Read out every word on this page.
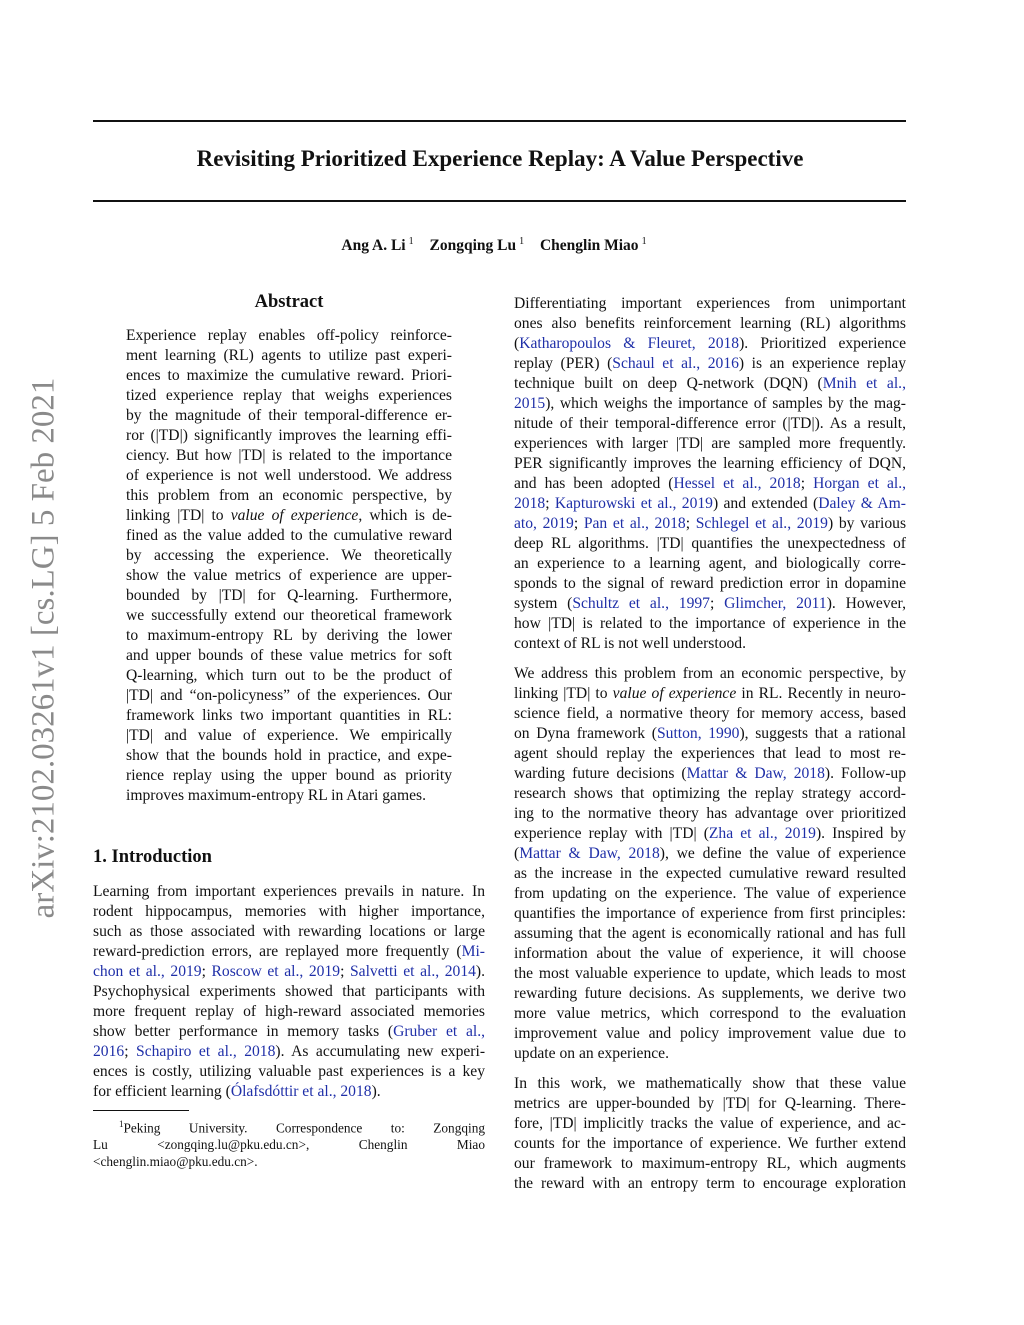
arXiv:2102.03261v1 [cs.LG] 5 Feb 2021
Revisiting Prioritized Experience Replay: A Value Perspective
Ang A. Li $^1$ Zongqing Lu $^1$ Chenglin Miao $^1$
Abstract
Experience replay enables off-policy reinforce-
ment learning (RL) agents to utilize past experi-
ences to maximize the cumulative reward. Priori-
tized experience replay that weighs experiences
by the magnitude of their temporal-difference er-
ror (|TD|) significantly improves the learning effi-
ciency. But how |TD| is related to the importance
of experience is not well understood. We address
this problem from an economic perspective, by
linking |TD| to value of experience, which is de-
fined as the value added to the cumulative reward
by accessing the experience. We theoretically
show the value metrics of experience are upper-
bounded by |TD| for Q-learning. Furthermore,
we successfully extend our theoretical framework
to maximum-entropy RL by deriving the lower
and upper bounds of these value metrics for soft
Q-learning, which turn out to be the product of
|TD| and “on-policyness” of the experiences. Our
framework links two important quantities in RL:
|TD| and value of experience. We empirically
show that the bounds hold in practice, and expe-
rience replay using the upper bound as priority
improves maximum-entropy RL in Atari games.
1. Introduction
Learning from important experiences prevails in nature. In
rodent hippocampus, memories with higher importance,
such as those associated with rewarding locations or large
reward-prediction errors, are replayed more frequently (Mi-
chon et al., 2019; Roscow et al., 2019; Salvetti et al., 2014).
Psychophysical experiments showed that participants with
more frequent replay of high-reward associated memories
show better performance in memory tasks (Gruber et al.,
2016; Schapiro et al., 2018). As accumulating new experi-
ences is costly, utilizing valuable past experiences is a key
for efficient learning (Ólafsdóttir et al., 2018).
$^1$Peking University. Correspondence to: Zongqing
Lu <zongqing.lu@pku.edu.cn>, Chenglin Miao
<chenglin.miao@pku.edu.cn>.
Differentiating important experiences from unimportant
ones also benefits reinforcement learning (RL) algorithms
(Katharopoulos & Fleuret, 2018). Prioritized experience
replay (PER) (Schaul et al., 2016) is an experience replay
technique built on deep Q-network (DQN) (Mnih et al.,
2015), which weighs the importance of samples by the mag-
nitude of their temporal-difference error (|TD|). As a result,
experiences with larger |TD| are sampled more frequently.
PER significantly improves the learning efficiency of DQN,
and has been adopted (Hessel et al., 2018; Horgan et al.,
2018; Kapturowski et al., 2019) and extended (Daley & Am-
ato, 2019; Pan et al., 2018; Schlegel et al., 2019) by various
deep RL algorithms. |TD| quantifies the unexpectedness of
an experience to a learning agent, and biologically corre-
sponds to the signal of reward prediction error in dopamine
system (Schultz et al., 1997; Glimcher, 2011). However,
how |TD| is related to the importance of experience in the
context of RL is not well understood.
We address this problem from an economic perspective, by
linking |TD| to value of experience in RL. Recently in neuro-
science field, a normative theory for memory access, based
on Dyna framework (Sutton, 1990), suggests that a rational
agent should replay the experiences that lead to most re-
warding future decisions (Mattar & Daw, 2018). Follow-up
research shows that optimizing the replay strategy accord-
ing to the normative theory has advantage over prioritized
experience replay with |TD| (Zha et al., 2019). Inspired by
(Mattar & Daw, 2018), we define the value of experience
as the increase in the expected cumulative reward resulted
from updating on the experience. The value of experience
quantifies the importance of experience from first principles:
assuming that the agent is economically rational and has full
information about the value of experience, it will choose
the most valuable experience to update, which leads to most
rewarding future decisions. As supplements, we derive two
more value metrics, which correspond to the evaluation
improvement value and policy improvement value due to
update on an experience.
In this work, we mathematically show that these value
metrics are upper-bounded by |TD| for Q-learning. There-
fore, |TD| implicitly tracks the value of experience, and ac-
counts for the importance of experience. We further extend
our framework to maximum-entropy RL, which augments
the reward with an entropy term to encourage exploration
